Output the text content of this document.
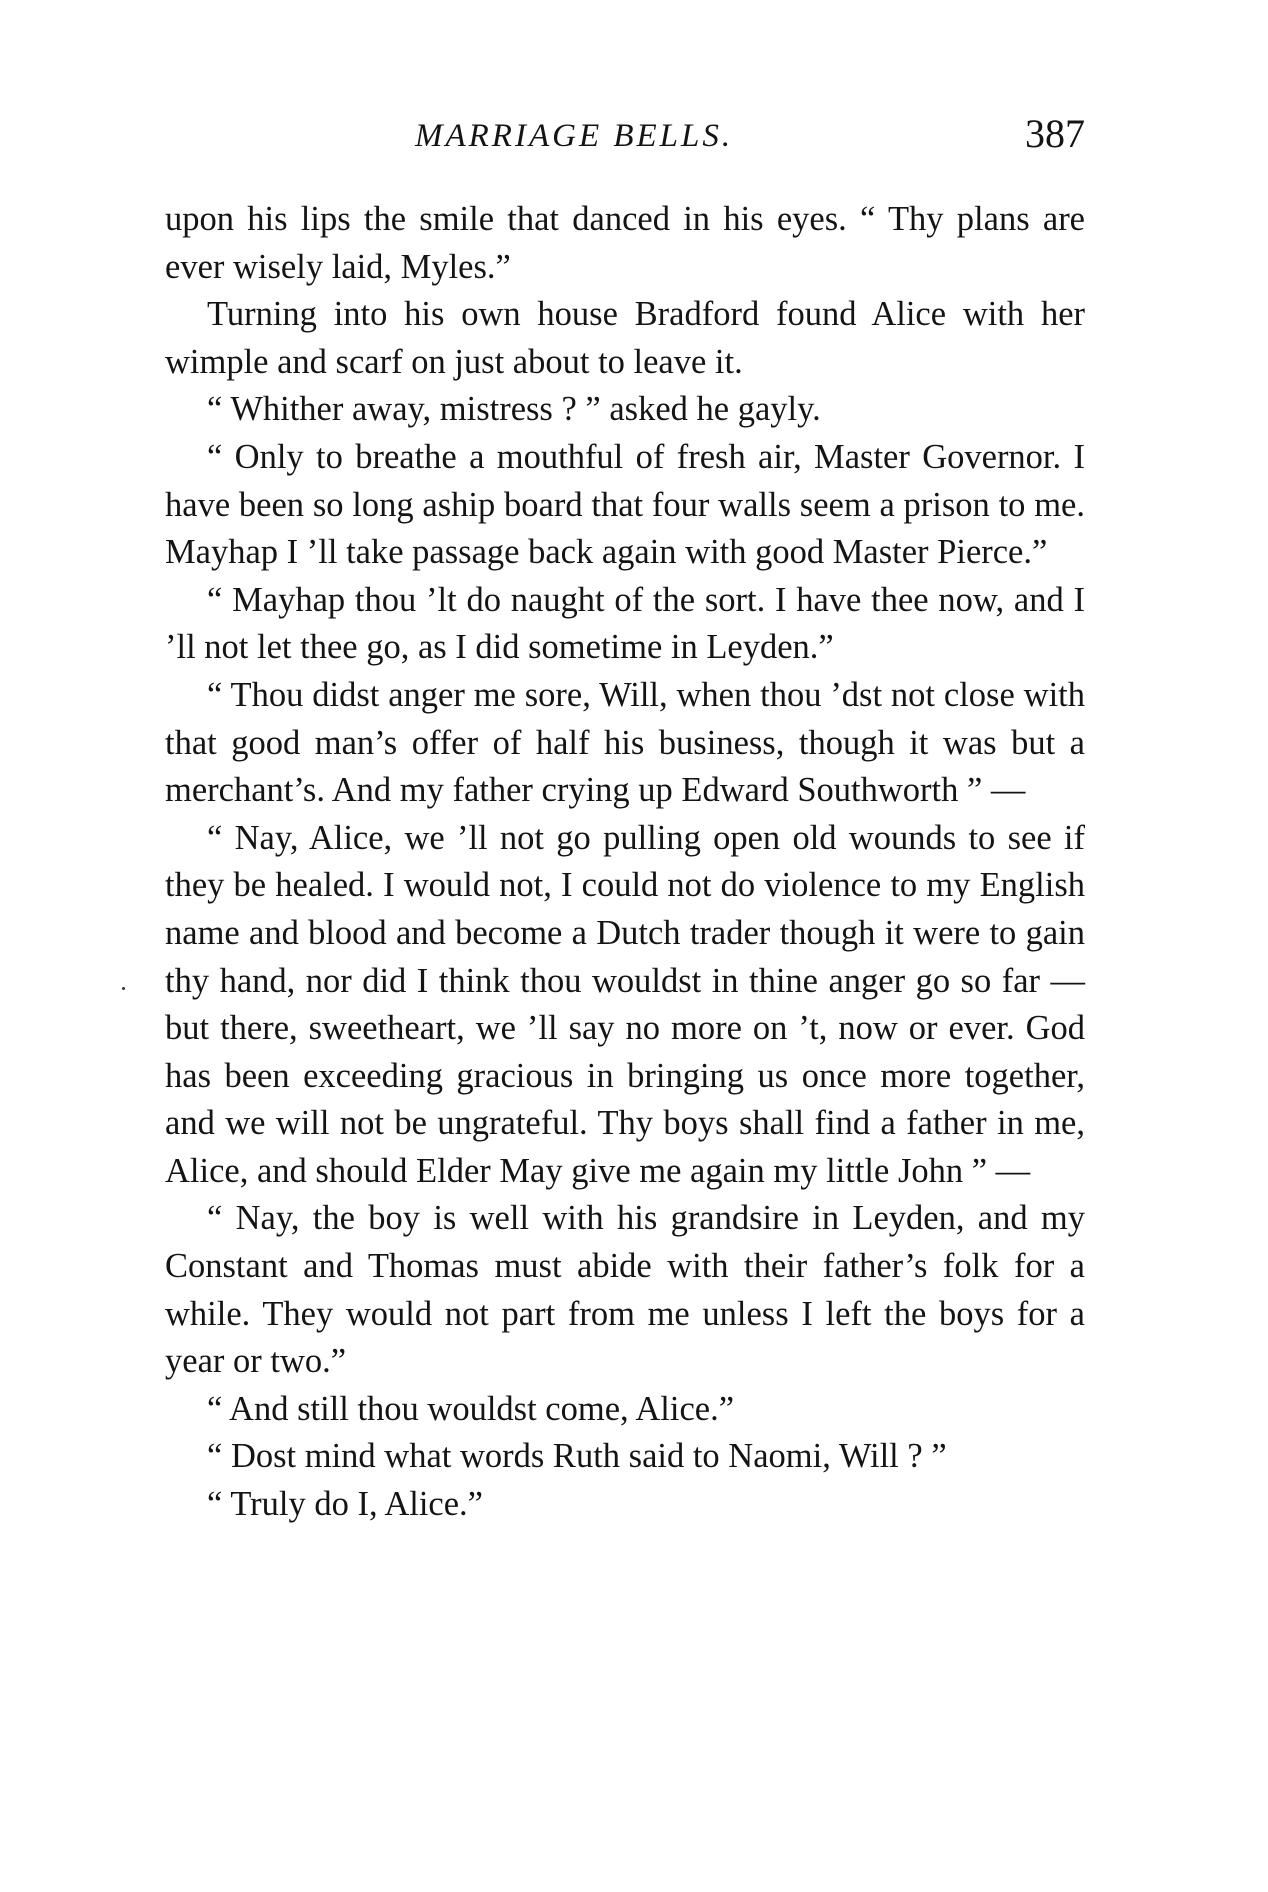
MARRIAGE BELLS.	387

upon his lips the smile that danced in his eyes. “ Thy plans are ever wisely laid, Myles.”

Turning into his own house Bradford found Alice with her wimple and scarf on just about to leave it.

“ Whither away, mistress ? ” asked he gayly.

“ Only to breathe a mouthful of fresh air, Master Governor. I have been so long aship board that four walls seem a prison to me. Mayhap I ’ll take passage back again with good Master Pierce.”

“ Mayhap thou ’lt do naught of the sort. I have thee now, and I ’ll not let thee go, as I did sometime in Leyden.”

“ Thou didst anger me sore, Will, when thou ’dst not close with that good man’s offer of half his business, though it was but a merchant’s. And my father crying up Edward Southworth ” —

“ Nay, Alice, we ’ll not go pulling open old wounds to see if they be healed. I would not, I could not do violence to my English name and blood and become a Dutch trader though it were to gain thy hand, nor did I think thou wouldst in thine anger go so far — but there, sweetheart, we ’ll say no more on ’t, now or ever. God has been exceeding gracious in bringing us once more together, and we will not be ungrateful. Thy boys shall find a father in me, Alice, and should Elder May give me again my little John ” —

“ Nay, the boy is well with his grandsire in Leyden, and my Constant and Thomas must abide with their father’s folk for a while. They would not part from me unless I left the boys for a year or two.”

“ And still thou wouldst come, Alice.”

“ Dost mind what words Ruth said to Naomi, Will ? ”

“ Truly do I, Alice.”
